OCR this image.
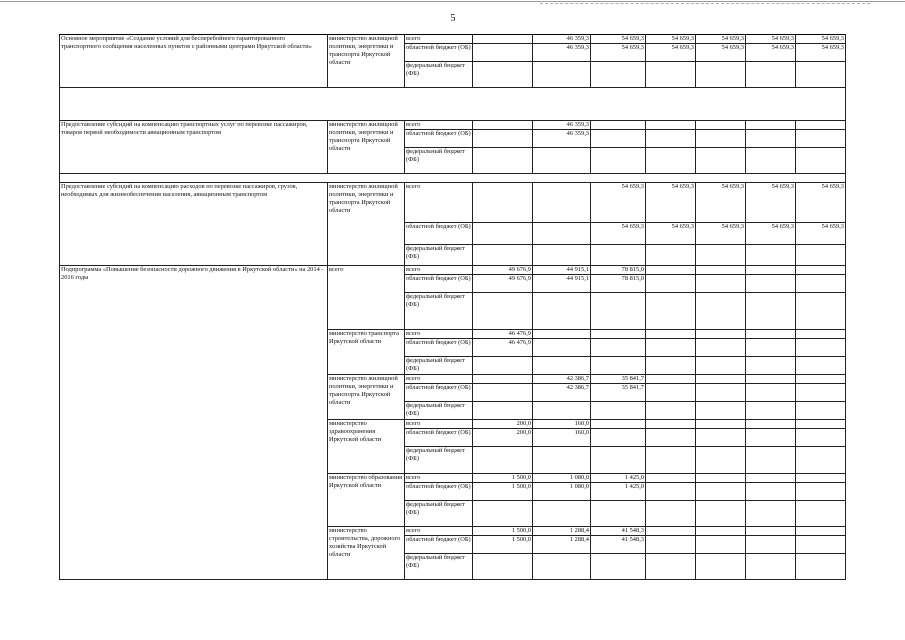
5
Основное мероприятие «Создание условий для бесперебойного гарантированного транспортного сообщения населенных пунктов с районными центрами Иркутской области»	министерство жилищной политики, энергетики и транспорта Иркутской области	всего		46 359,3	54 659,3	54 659,3	54 659,3	54 659,3	54 659,3
		областной бюджет (ОБ)		46 359,3	54 659,3	54 659,3	54 659,3	54 659,3	54 659,3
		федеральный бюджет (ФБ)							

Предоставление субсидий на компенсацию транспортных услуг по перевозке пассажиров, товаров первой необходимости авиационным транспортом	министерство жилищной политики, энергетики и транспорта Иркутской области	всего		46 359,3					
		областной бюджет (ОБ)		46 359,3					
		федеральный бюджет (ФБ)							

Предоставление субсидий на компенсацию расходов по перевозке пассажиров, грузов, необходимых для жизнеобеспечения населения, авиационным транспортом	министерство жилищной политики, энергетики и транспорта Иркутской области	всего			54 659,3	54 659,3	54 659,3	54 659,3	54 659,3
		областной бюджет (ОБ)			54 659,3	54 659,3	54 659,3	54 659,3	54 659,3
		федеральный бюджет (ФБ)							
Подпрограмма «Повышение безопасности дорожного движения в Иркутской области» на 2014 - 2016 годы	всего	всего	49 676,9	44 915,1	78 815,0				
		областной бюджет (ОБ)	49 676,9	44 915,1	78 815,0				
		федеральный бюджет (ФБ)							
	министерство транспорта Иркутской области	всего	46 476,9						
		областной бюджет (ОБ)	46 476,9						
		федеральный бюджет (ФБ)							
	министерство жилищной политики, энергетики и транспорта Иркутской области	всего		42 386,7	35 841,7				
		областной бюджет (ОБ)		42 386,7	35 841,7				
		федеральный бюджет (ФБ)							
	министерство здравоохранения Иркутской области	всего	200,0	160,0					
		областной бюджет (ОБ)	200,0	160,0					
		федеральный бюджет (ФБ)							
	министерство образования Иркутской области	всего	1 500,0	1 080,0	1 425,0				
		областной бюджет (ОБ)	1 500,0	1 080,0	1 425,0				
		федеральный бюджет (ФБ)							
	министерство строительства, дорожного хозяйства Иркутской области	всего	1 500,0	1 288,4	41 548,3				
		областной бюджет (ОБ)	1 500,0	1 288,4	41 548,3				
		федеральный бюджет (ФБ)							
